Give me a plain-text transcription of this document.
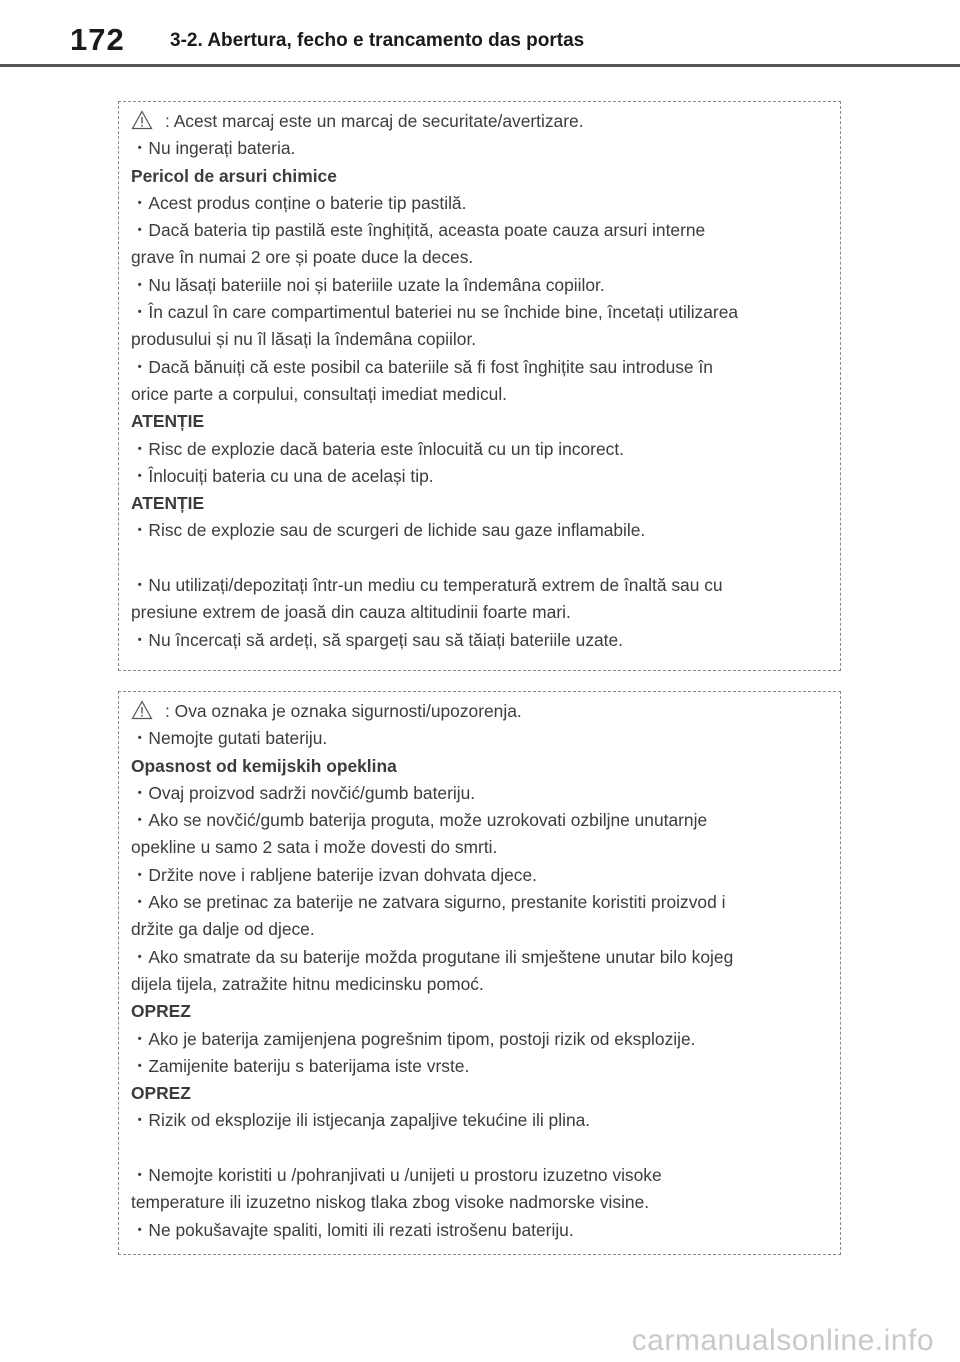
172 3-2. Abertura, fecho e trancamento das portas
: Acest marcaj este un marcaj de securitate/avertizare.
・Nu ingerați bateria.
Pericol de arsuri chimice
・Acest produs conține o baterie tip pastilă.
・Dacă bateria tip pastilă este înghițită, aceasta poate cauza arsuri interne
grave în numai 2 ore și poate duce la deces.
・Nu lăsați bateriile noi și bateriile uzate la îndemâna copiilor.
・În cazul în care compartimentul bateriei nu se închide bine, încetați utilizarea
produsului și nu îl lăsați la îndemâna copiilor.
・Dacă bănuiți că este posibil ca bateriile să fi fost înghițite sau introduse în
orice parte a corpului, consultați imediat medicul.
ATENȚIE
・Risc de explozie dacă bateria este înlocuită cu un tip incorect.
・Înlocuiți bateria cu una de același tip.
ATENȚIE
・Risc de explozie sau de scurgeri de lichide sau gaze inflamabile.
・Nu utilizați/depozitați într-un mediu cu temperatură extrem de înaltă sau cu
presiune extrem de joasă din cauza altitudinii foarte mari.
・Nu încercați să ardeți, să spargeți sau să tăiați bateriile uzate.
: Ova oznaka je oznaka sigurnosti/upozorenja.
・Nemojte gutati bateriju.
Opasnost od kemijskih opeklina
・Ovaj proizvod sadrži novčić/gumb bateriju.
・Ako se novčić/gumb baterija proguta, može uzrokovati ozbiljne unutarnje
opekline u samo 2 sata i može dovesti do smrti.
・Držite nove i rabljene baterije izvan dohvata djece.
・Ako se pretinac za baterije ne zatvara sigurno, prestanite koristiti proizvod i
držite ga dalje od djece.
・Ako smatrate da su baterije možda progutane ili smještene unutar bilo kojeg
dijela tijela, zatražite hitnu medicinsku pomoć.
OPREZ
・Ako je baterija zamijenjena pogrešnim tipom, postoji rizik od eksplozije.
・Zamijenite bateriju s baterijama iste vrste.
OPREZ
・Rizik od eksplozije ili istjecanja zapaljive tekućine ili plina.
・Nemojte koristiti u /pohranjivati u /unijeti u prostoru izuzetno visoke
temperature ili izuzetno niskog tlaka zbog visoke nadmorske visine.
・Ne pokušavajte spaliti, lomiti ili rezati istrošenu bateriju.
carmanualsonline.info
